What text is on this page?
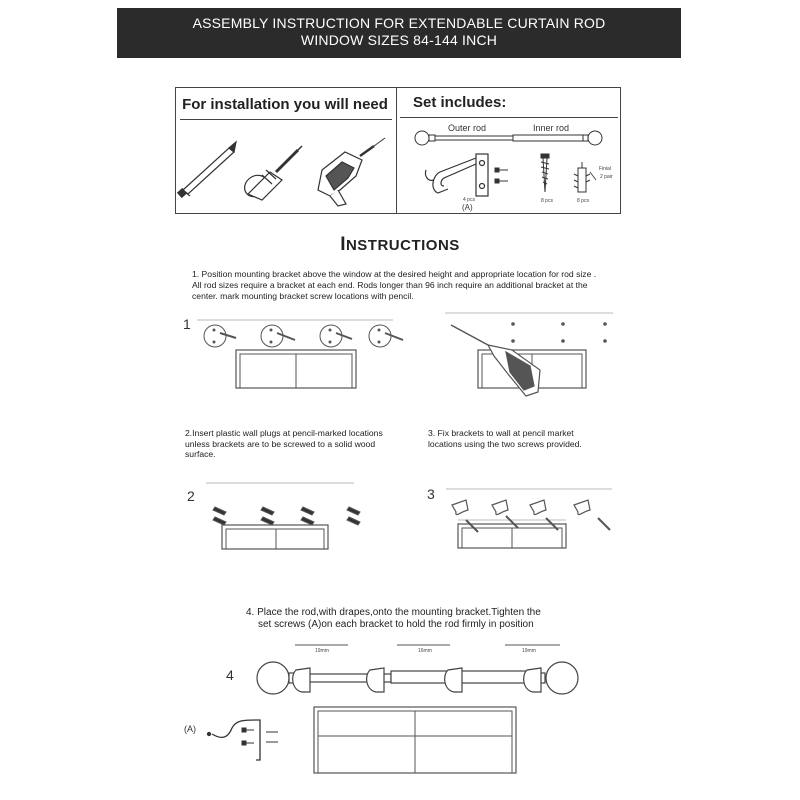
ASSEMBLY INSTRUCTION FOR EXTENDABLE CURTAIN ROD
WINDOW SIZES 84-144 INCH
For installation you will need Set includes:
Outer rod	Inner rod
4 pcs
(A)
8 pcs	8 pcs
Finial
2 pair
INSTRUCTIONS
1. Position mounting bracket above the window at the desired height and appropriate location for rod size .
All rod sizes require a bracket at each end. Rods longer than 96 inch require an additional bracket at the
center. mark mounting bracket screw locations with pencil.
1
2.Insert plastic wall plugs at pencil-marked locations
unless brackets are to be screwed to a solid wood
surface.
2
3. Fix brackets to wall at pencil market
locations using the two screws provided.
3
4. Place the rod,with drapes,onto the mounting bracket.Tighten the
set screws (A)on each bracket to hold the rod firmly in position
4
19mm	16mm	19mm
(A)
